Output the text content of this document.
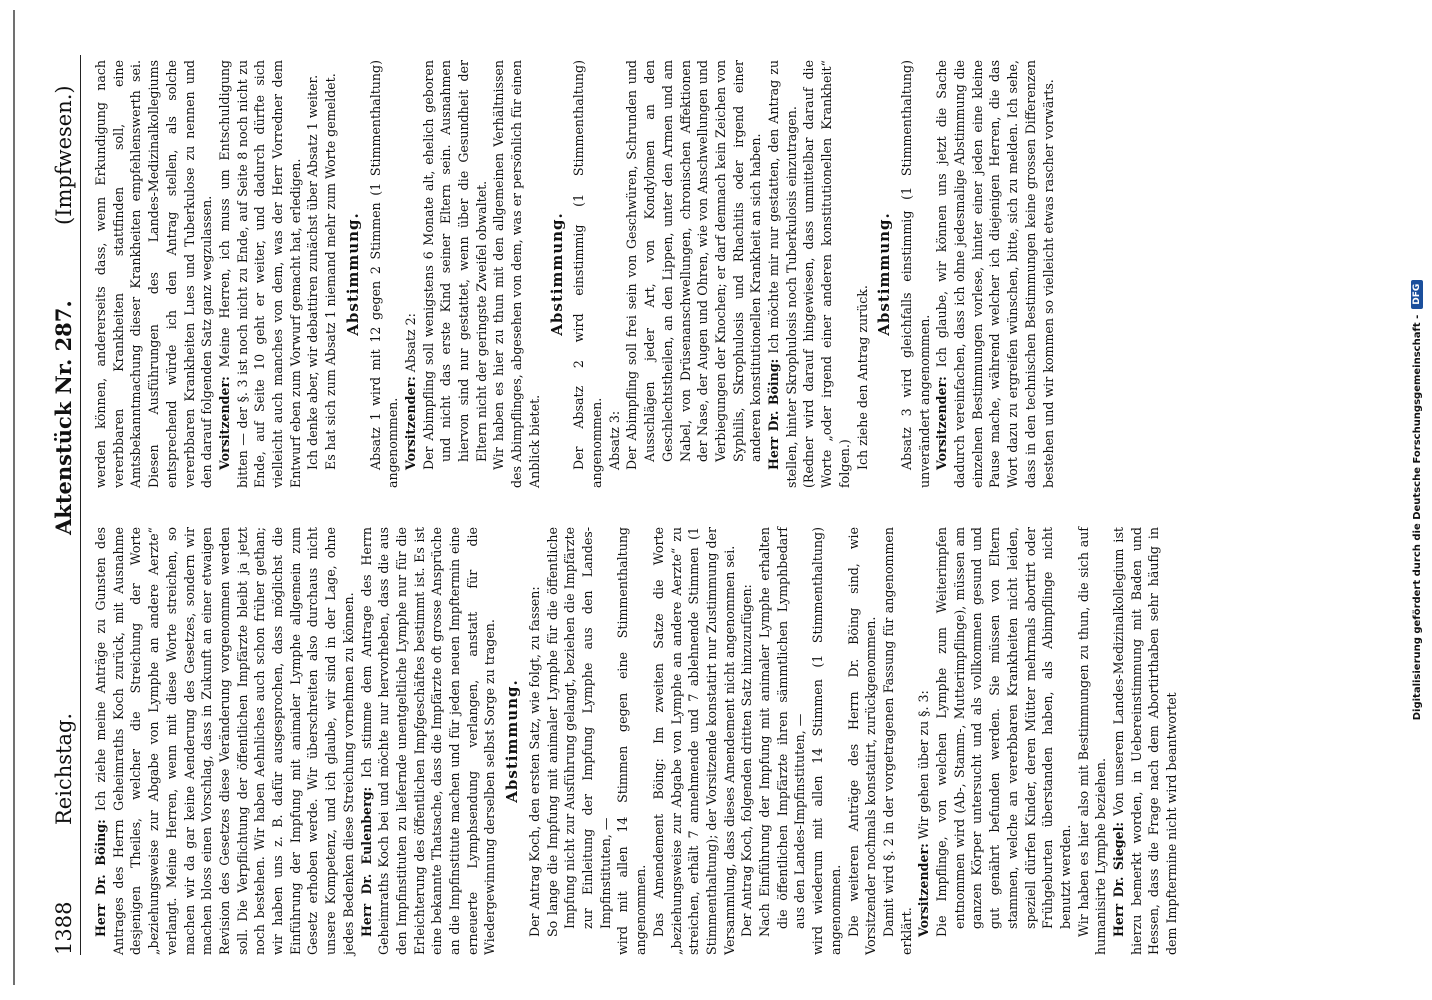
1388
Reichstag.
Aktenstück Nr. 287.
(Impfwesen.)

Herr Dr. Böing: Ich ziehe meine Anträge zu Gunsten des Antrages des Herrn Geheimraths Koch zurück, mit Ausnahme desjenigen Theiles, welcher die Streichung der Worte „beziehungsweise zur Abgabe von Lymphe an andere Aerzte“ verlangt. Meine Herren, wenn mit diese Worte streichen, so machen wir da gar keine Aenderung des Gesetzes, sondern wir machen bloss einen Vorschlag, dass in Zukunft an einer etwaigen Revision des Gesetzes diese Veränderung vorgenommen werden soll. Die Verpflichtung der öffentlichen Impfärzte bleibt ja jetzt noch bestehen. Wir haben Aehnliches auch schon früher gethan; wir haben uns z. B. dafür ausgesprochen, dass möglichst die Einführung der Impfung mit animaler Lymphe allgemein zum Gesetz erhoben werde. Wir überschreiten also durchaus nicht unsere Kompetenz, und ich glaube, wir sind in der Lage, ohne jedes Bedenken diese Streichung vornehmen zu können. Herr Dr. Eulenberg: Ich stimme dem Antrage des Herrn Geheimraths Koch bei und möchte nur hervorheben, dass die aus den Impfinstituten zu liefernde unentgeltliche Lymphe nur für die Erleichterung des öffentlichen Impfgeschäftes bestimmt ist. Es ist eine bekannte Thatsache, dass die Impfärzte oft grosse Ansprüche an die Impfinstitute machen und für jeden neuen Impftermin eine erneuerte Lymphsendung verlangen, anstatt für die Wiedergewinnung derselben selbst Sorge zu tragen. Abstimmung. Der Antrag Koch, den ersten Satz, wie folgt, zu fassen: So lange die Impfung mit animaler Lymphe für die öffentliche Impfung nicht zur Ausführung gelangt, beziehen die Impfärzte zur Einleitung der Impfung Lymphe aus den Landes-Impfinstituten, — wird mit allen 14 Stimmen gegen eine Stimmenthaltung angenommen. Das Amendement Böing: Im zweiten Satze die Worte „beziehungsweise zur Abgabe von Lymphe an andere Aerzte“ zu streichen, erhält 7 annehmende und 7 ablehnende Stimmen (1 Stimmenthaltung); der Vorsitzende konstatirt nur Zustimmung der Versammlung, dass dieses Amendement nicht angenommen sei. Der Antrag Koch, folgenden dritten Satz hinzuzufügen: Nach Einführung der Impfung mit animaler Lymphe erhalten die öffentlichen Impfärzte ihren sämmtlichen Lymphbedarf aus den Landes-Impfinstituten, — wird wiederum mit allen 14 Stimmen (1 Stimmenthaltung) angenommen. Die weiteren Anträge des Herrn Dr. Böing sind, wie Vorsitzender nochmals konstatirt, zurückgenommen. Damit wird §. 2 in der vorgetragenen Fassung für angenommen erklärt. Vorsitzender: Wir gehen über zu §. 3: Die Impflinge, von welchen Lymphe zum Weiterimpfen entnommen wird (Ab-, Stamm-, Mutterimpflinge), müssen am ganzen Körper untersucht und als vollkommen gesund und gut genährt befunden werden. Sie müssen von Eltern stammen, welche an vererbbaren Krankheiten nicht leiden, speziell dürfen Kinder, deren Mütter mehrmals abortirt oder Frühgeburten überstanden haben, als Abimpflinge nicht benutzt werden. Wir haben es hier also mit Bestimmungen zu thun, die sich auf humanisirte Lymphe beziehen. Herr Dr. Siegel: Von unserem Landes-Medizinalkollegium ist hierzu bemerkt worden, in Uebereinstimmung mit Baden und Hessen, dass die Frage nach dem Abortirthaben sehr häufig in dem Impftermine nicht wird beantwortet

werden können, andererseits dass, wenn Erkundigung nach vererbbaren Krankheiten stattfinden soll, eine Amtsbekanntmachung dieser Krankheiten empfehlenswerth sei. Diesen Ausführungen des Landes-Medizinalkollegiums entsprechend würde ich den Antrag stellen, als solche vererbbaren Krankheiten Lues und Tuberkulose zu nennen und den darauf folgenden Satz ganz wegzulassen. Vorsitzender: Meine Herren, ich muss um Entschuldigung bitten — der §. 3 ist noch nicht zu Ende, auf Seite 8 noch nicht zu Ende, auf Seite 10 geht er weiter, und dadurch dürfte sich vielleicht auch manches von dem, was der Herr Vorredner dem Entwurf eben zum Vorwurf gemacht hat, erledigen. Ich denke aber, wir debattiren zunächst über Absatz 1 weiter. Es hat sich zum Absatz 1 niemand mehr zum Worte gemeldet. Abstimmung. Absatz 1 wird mit 12 gegen 2 Stimmen (1 Stimmenthaltung) angenommen. Vorsitzender: Absatz 2: Der Abimpfling soll wenigstens 6 Monate alt, ehelich geboren und nicht das erste Kind seiner Eltern sein. Ausnahmen hiervon sind nur gestattet, wenn über die Gesundheit der Eltern nicht der geringste Zweifel obwaltet. Wir haben es hier zu thun mit den allgemeinen Verhältnissen des Abimpflinges, abgesehen von dem, was er persönlich für einen Anblick bietet.

Abstimmung. Der Absatz 2 wird einstimmig (1 Stimmenthaltung) angenommen. Absatz 3: Der Abimpfling soll frei sein von Geschwüren, Schrunden und Ausschlägen jeder Art, von Kondylomen an den Geschlechtstheilen, an den Lippen, unter den Armen und am Nabel, von Drüsenanschwellungen, chronischen Affektionen der Nase, der Augen und Ohren, wie von Anschwellungen und Verbiegungen der Knochen; er darf demnach kein Zeichen von Syphilis, Skrophulosis und Rhachitis oder irgend einer anderen konstitutionellen Krankheit an sich haben. Herr Dr. Böing: Ich möchte mir nur gestatten, den Antrag zu stellen, hinter Skrophulosis noch Tuberkulosis einzutragen. (Redner wird darauf hingewiesen, dass unmittelbar darauf die Worte „oder irgend einer anderen konstitutionellen Krankheit“ folgen.) Ich ziehe den Antrag zurück.

Abstimmung. Absatz 3 wird gleichfalls einstimmig (1 Stimmenthaltung) unverändert angenommen. Vorsitzender: Ich glaube, wir können uns jetzt die Sache dadurch vereinfachen, dass ich ohne jedesmalige Abstimmung die einzelnen Bestimmungen vorlese, hinter einer jeden eine kleine Pause mache, während welcher ich diejenigen Herren, die das Wort dazu zu ergreifen wünschen, bitte, sich zu melden. Ich sehe, dass in den technischen Bestimmungen keine grossen Differenzen bestehen und wir kommen so vielleicht etwas rascher vorwärts.

Digitalisierung gefördert durch die Deutsche Forschungsgemeinschaft -
DFG
